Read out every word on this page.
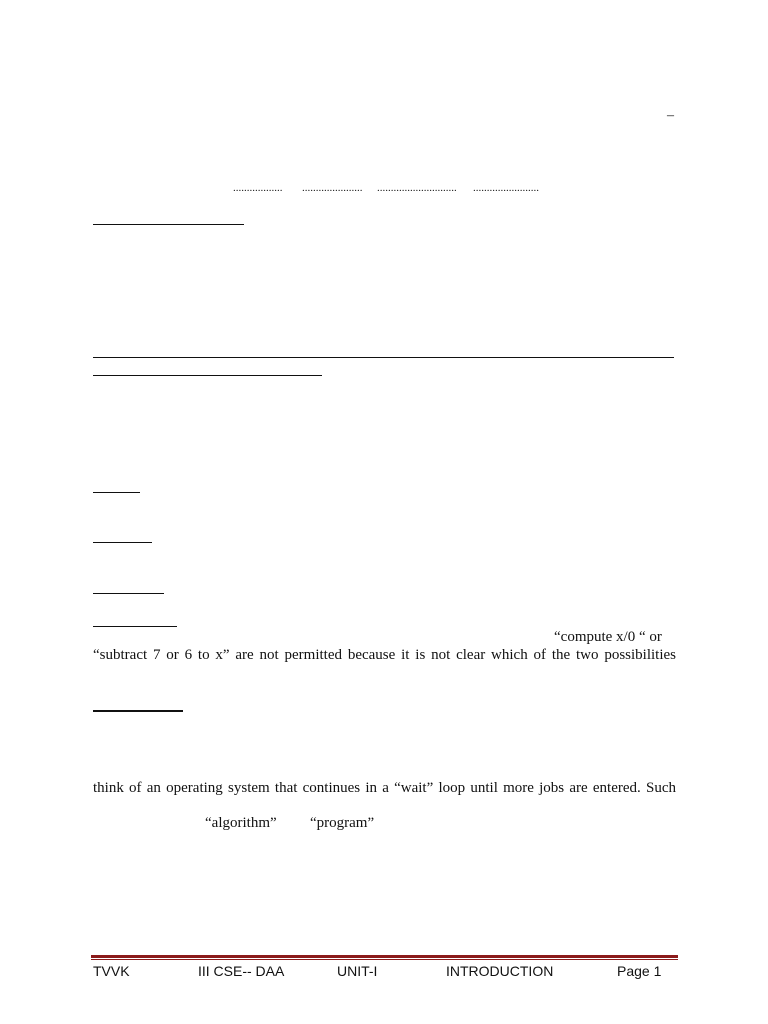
–
.................. ...................... ............................. ........................
“compute x/0 “ or
“subtract 7 or 6 to x” are not permitted because it is not clear which of the two possibilities
think of an operating system that continues in a “wait” loop until more jobs are entered. Such
“algorithm” “program”
TVVK	III CSE-- DAA	UNIT-I	INTRODUCTION	Page 1
